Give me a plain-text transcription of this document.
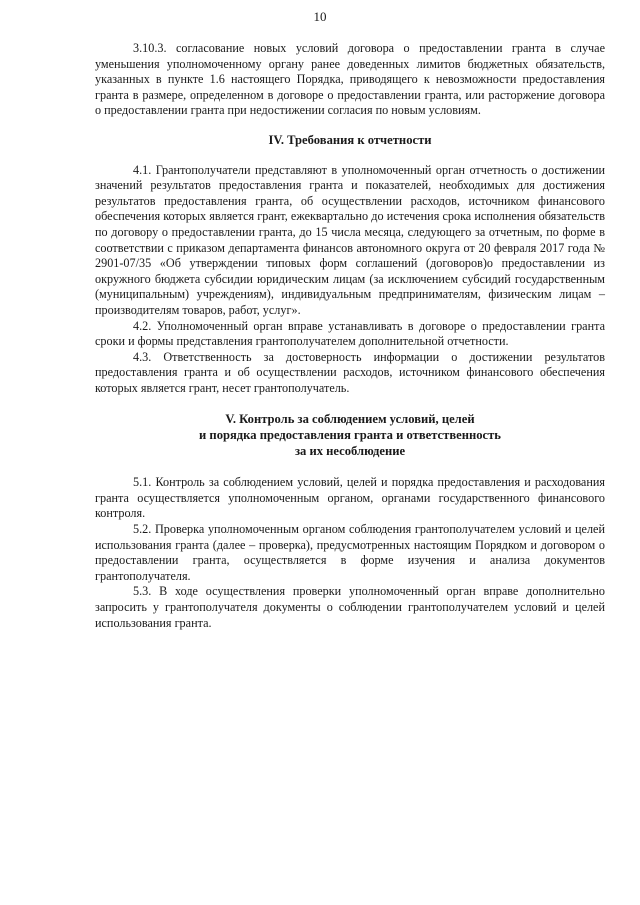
10

3.10.3. согласование новых условий договора о предоставлении гранта в случае уменьшения уполномоченному органу ранее доведенных лимитов бюджетных обязательств, указанных в пункте 1.6 настоящего Порядка, приводящего к невозможности предоставления гранта в размере, определенном в договоре о предоставлении гранта, или расторжение договора о предоставлении гранта при недостижении согласия по новым условиям.

IV. Требования к отчетности

4.1. Грантополучатели представляют в уполномоченный орган отчетность о достижении значений результатов предоставления гранта и показателей, необходимых для достижения результатов предоставления гранта, об осуществлении расходов, источником финансового обеспечения которых является грант, ежеквартально до истечения срока исполнения обязательств по договору о предоставлении гранта, до 15 числа месяца, следующего за отчетным, по форме в соответствии с приказом департамента финансов автономного округа от 20 февраля 2017 года № 2901-07/35 «Об утверждении типовых форм соглашений (договоров)о предоставлении из окружного бюджета субсидии юридическим лицам (за исключением субсидий государственным (муниципальным) учреждениям), индивидуальным предпринимателям, физическим лицам – производителям товаров, работ, услуг».

4.2. Уполномоченный орган вправе устанавливать в договоре о предоставлении гранта сроки и формы представления грантополучателем дополнительной отчетности.

4.3. Ответственность за достоверность информации о достижении результатов предоставления гранта и об осуществлении расходов, источником финансового обеспечения которых является грант, несет грантополучатель.

V. Контроль за соблюдением условий, целей
и порядка предоставления гранта и ответственность
за их несоблюдение

5.1. Контроль за соблюдением условий, целей и порядка предоставления и расходования гранта осуществляется уполномоченным органом, органами государственного финансового контроля.

5.2. Проверка уполномоченным органом соблюдения грантополучателем условий и целей использования гранта (далее – проверка), предусмотренных настоящим Порядком и договором о предоставлении гранта, осуществляется в форме изучения и анализа документов грантополучателя.

5.3. В ходе осуществления проверки уполномоченный орган вправе дополнительно запросить у грантополучателя документы о соблюдении грантополучателем условий и целей использования гранта.
